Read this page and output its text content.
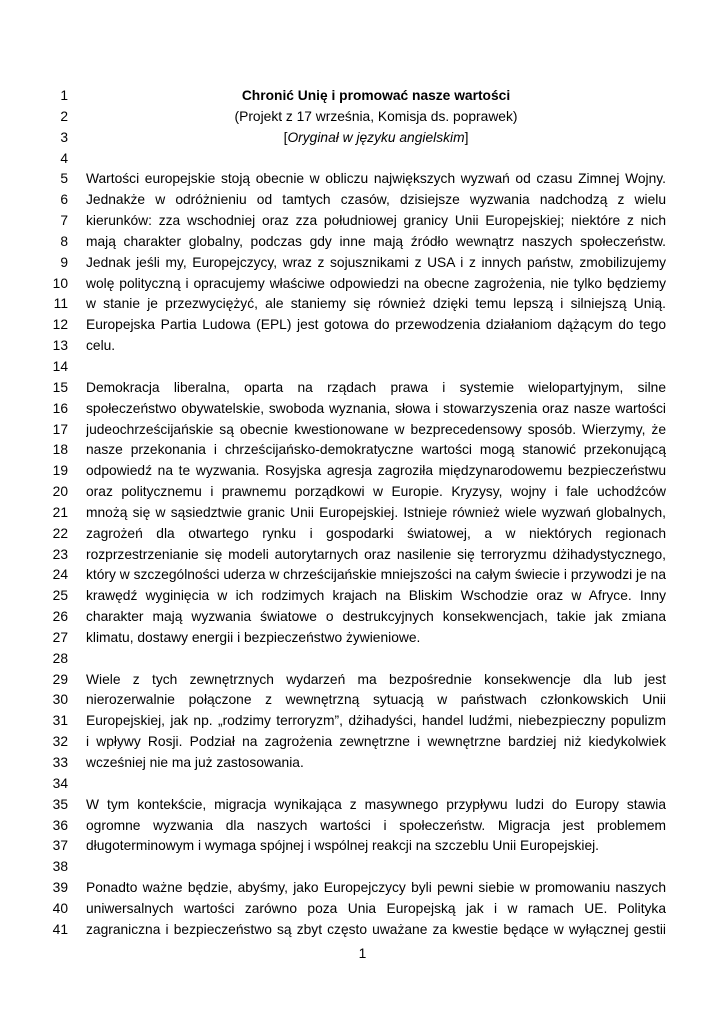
1	Chronić Unię i promować nasze wartości
2	(Projekt z 17 września, Komisja ds. poprawek)
3	[Oryginał w języku angielskim]
4
5 Wartości europejskie stoją obecnie w obliczu największych wyzwań od czasu Zimnej Wojny.
6 Jednakże w odróżnieniu od tamtych czasów, dzisiejsze wyzwania nadchodzą z wielu
7 kierunków: zza wschodniej oraz zza południowej granicy Unii Europejskiej; niektóre z nich
8 mają charakter globalny, podczas gdy inne mają źródło wewnątrz naszych społeczeństw.
9 Jednak jeśli my, Europejczycy, wraz z sojusznikami z USA i z innych państw, zmobilizujemy
10 wolę polityczną i opracujemy właściwe odpowiedzi na obecne zagrożenia, nie tylko będziemy
11 w stanie je przezwyciężyć, ale staniemy się również dzięki temu lepszą i silniejszą Unią.
12 Europejska Partia Ludowa (EPL) jest gotowa do przewodzenia działaniom dążącym do tego
13 celu.
14
15 Demokracja liberalna, oparta na rządach prawa i systemie wielopartyjnym, silne
16 społeczeństwo obywatelskie, swoboda wyznania, słowa i stowarzyszenia oraz nasze wartości
17 judeochrześcijańskie są obecnie kwestionowane w bezprecedensowy sposób. Wierzymy, że
18 nasze przekonania i chrześcijańsko-demokratyczne wartości mogą stanowić przekonującą
19 odpowiedź na te wyzwania. Rosyjska agresja zagroziła międzynarodowemu bezpieczeństwu
20 oraz politycznemu i prawnemu porządkowi w Europie. Kryzysy, wojny i fale uchodźców
21 mnożą się w sąsiedztwie granic Unii Europejskiej. Istnieje również wiele wyzwań globalnych,
22 zagrożeń dla otwartego rynku i gospodarki światowej, a w niektórych regionach
23 rozprzestrzenianie się modeli autorytarnych oraz nasilenie się terroryzmu dżihadystycznego,
24 który w szczególności uderza w chrześcijańskie mniejszości na całym świecie i przywodzi je na
25 krawędź wyginięcia w ich rodzimych krajach na Bliskim Wschodzie oraz w Afryce. Inny
26 charakter mają wyzwania światowe o destrukcyjnych konsekwencjach, takie jak zmiana
27 klimatu, dostawy energii i bezpieczeństwo żywieniowe.
28
29 Wiele z tych zewnętrznych wydarzeń ma bezpośrednie konsekwencje dla lub jest
30 nierozerwalnie połączone z wewnętrzną sytuacją w państwach członkowskich Unii
31 Europejskiej, jak np. „rodzimy terroryzm”, dżihadyści, handel ludźmi, niebezpieczny populizm
32 i wpływy Rosji. Podział na zagrożenia zewnętrzne i wewnętrzne bardziej niż kiedykolwiek
33 wcześniej nie ma już zastosowania.
34
35 W tym kontekście, migracja wynikająca z masywnego przypływu ludzi do Europy stawia
36 ogromne wyzwania dla naszych wartości i społeczeństw. Migracja jest problemem
37 długoterminowym i wymaga spójnej i wspólnej reakcji na szczeblu Unii Europejskiej.
38
39 Ponadto ważne będzie, abyśmy, jako Europejczycy byli pewni siebie w promowaniu naszych
40 uniwersalnych wartości zarówno poza Unia Europejską jak i w ramach UE. Polityka
41 zagraniczna i bezpieczeństwo są zbyt często uważane za kwestie będące w wyłącznej gestii
1
